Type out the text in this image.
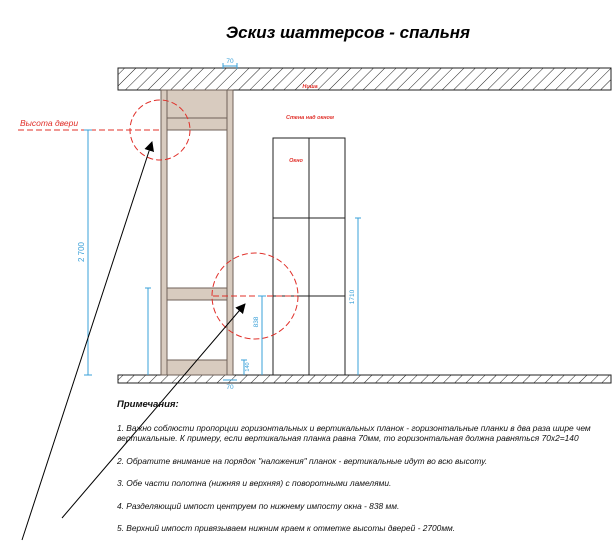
Эскиз шаттерсов - спальня
Высота двери
Ниша
Стена над окном
Окно
2 700
70
70
838
140
1710
Примечания:
1. Важно соблюсти пропорции горизонтальных и вертикальных планок - горизонтальные планки в два раза шире чем вертикальные. К примеру, если вертикальная планка равна 70мм, то горизонтальная должна равняться 70х2=140
2. Обратите внимание на порядок "наложения" планок - вертикальные идут во всю высоту.
3. Обе части полотна (нижняя и верхняя) с поворотными ламелями.
4. Разделяющий импост центруем по нижнему импосту окна - 838 мм.
5. Верхний импост привязываем нижним краем к отметке высоты дверей - 2700мм.
